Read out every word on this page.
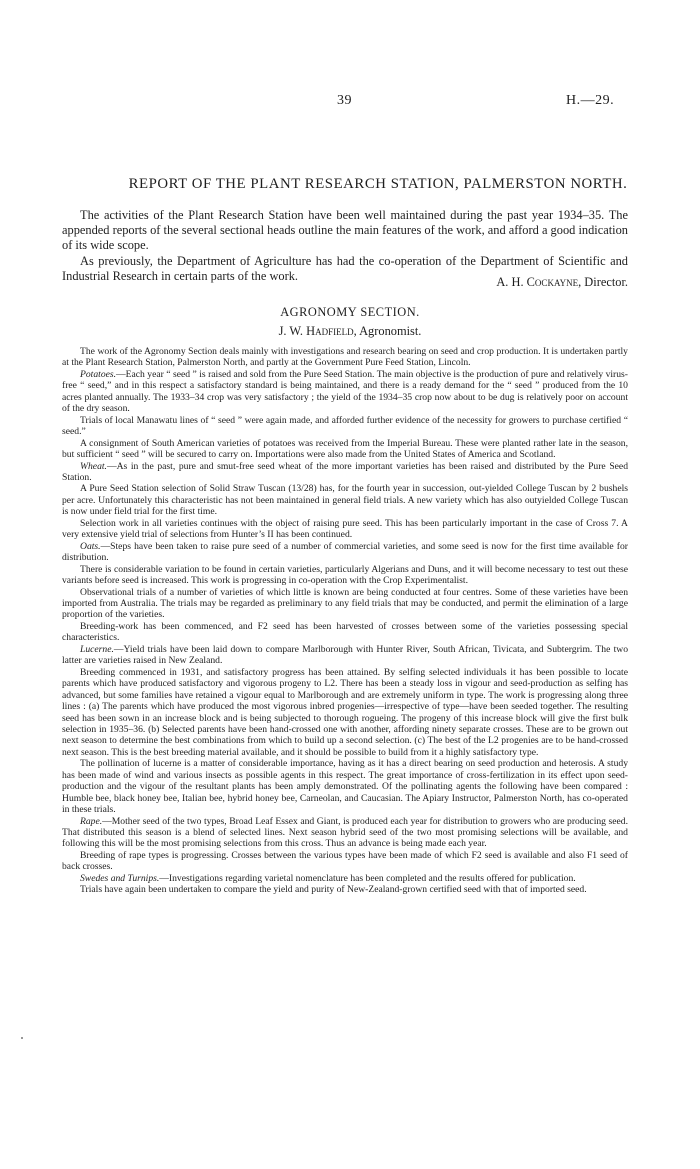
39	H.—29.
REPORT OF THE PLANT RESEARCH STATION, PALMERSTON NORTH.

The activities of the Plant Research Station have been well maintained during the past year 1934–35. The appended reports of the several sectional heads outline the main features of the work, and afford a good indication of its wide scope.

As previously, the Department of Agriculture has had the co-operation of the Department of Scientific and Industrial Research in certain parts of the work.	A. H. Cockayne, Director.
AGRONOMY SECTION.
J. W. Hadfield, Agronomist.

The work of the Agronomy Section deals mainly with investigations and research bearing on seed and crop production. It is undertaken partly at the Plant Research Station, Palmerston North, and partly at the Government Pure Feed Station, Lincoln.

Potatoes.—Each year “ seed ” is raised and sold from the Pure Seed Station. The main objective is the production of pure and relatively virus-free “ seed,” and in this respect a satisfactory standard is being maintained, and there is a ready demand for the “ seed ” produced from the 10 acres planted annually. The 1933–34 crop was very satisfactory ; the yield of the 1934–35 crop now about to be dug is relatively poor on account of the dry season.

Trials of local Manawatu lines of “ seed ” were again made, and afforded further evidence of the necessity for growers to purchase certified “ seed.”

A consignment of South American varieties of potatoes was received from the Imperial Bureau. These were planted rather late in the season, but sufficient “ seed ” will be secured to carry on. Importations were also made from the United States of America and Scotland.

Wheat.—As in the past, pure and smut-free seed wheat of the more important varieties has been raised and distributed by the Pure Seed Station.

A Pure Seed Station selection of Solid Straw Tuscan (13/28) has, for the fourth year in succession, out-yielded College Tuscan by 2 bushels per acre. Unfortunately this characteristic has not been maintained in general field trials. A new variety which has also outyielded College Tuscan is now under field trial for the first time.

Selection work in all varieties continues with the object of raising pure seed. This has been particularly important in the case of Cross 7. A very extensive yield trial of selections from Hunter’s II has been continued.

Oats.—Steps have been taken to raise pure seed of a number of commercial varieties, and some seed is now for the first time available for distribution.

There is considerable variation to be found in certain varieties, particularly Algerians and Duns, and it will become necessary to test out these variants before seed is increased. This work is progressing in co-operation with the Crop Experimentalist.

Observational trials of a number of varieties of which little is known are being conducted at four centres. Some of these varieties have been imported from Australia. The trials may be regarded as preliminary to any field trials that may be conducted, and permit the elimination of a large proportion of the varieties.

Breeding-work has been commenced, and F2 seed has been harvested of crosses between some of the varieties possessing special characteristics.

Lucerne.—Yield trials have been laid down to compare Marlborough with Hunter River, South African, Tivicata, and Subtergrim. The two latter are varieties raised in New Zealand.

Breeding commenced in 1931, and satisfactory progress has been attained. By selfing selected individuals it has been possible to locate parents which have produced satisfactory and vigorous progeny to L2. There has been a steady loss in vigour and seed-production as selfing has advanced, but some families have retained a vigour equal to Marlborough and are extremely uniform in type. The work is progressing along three lines : (a) The parents which have produced the most vigorous inbred progenies—irrespective of type—have been seeded together. The resulting seed has been sown in an increase block and is being subjected to thorough rogueing. The progeny of this increase block will give the first bulk selection in 1935–36. (b) Selected parents have been hand-crossed one with another, affording ninety separate crosses. These are to be grown out next season to determine the best combinations from which to build up a second selection. (c) The best of the L2 progenies are to be hand-crossed next season. This is the best breeding material available, and it should be possible to build from it a highly satisfactory type.

The pollination of lucerne is a matter of considerable importance, having as it has a direct bearing on seed production and heterosis. A study has been made of wind and various insects as possible agents in this respect. The great importance of cross-fertilization in its effect upon seed-production and the vigour of the resultant plants has been amply demonstrated. Of the pollinating agents the following have been compared : Humble bee, black honey bee, Italian bee, hybrid honey bee, Carneolan, and Caucasian. The Apiary Instructor, Palmerston North, has co-operated in these trials.

Rape.—Mother seed of the two types, Broad Leaf Essex and Giant, is produced each year for distribution to growers who are producing seed. That distributed this season is a blend of selected lines. Next season hybrid seed of the two most promising selections will be available, and following this will be the most promising selections from this cross. Thus an advance is being made each year.

Breeding of rape types is progressing. Crosses between the various types have been made of which F2 seed is available and also F1 seed of back crosses.

Swedes and Turnips.—Investigations regarding varietal nomenclature has been completed and the results offered for publication.

Trials have again been undertaken to compare the yield and purity of New-Zealand-grown certified seed with that of imported seed.
